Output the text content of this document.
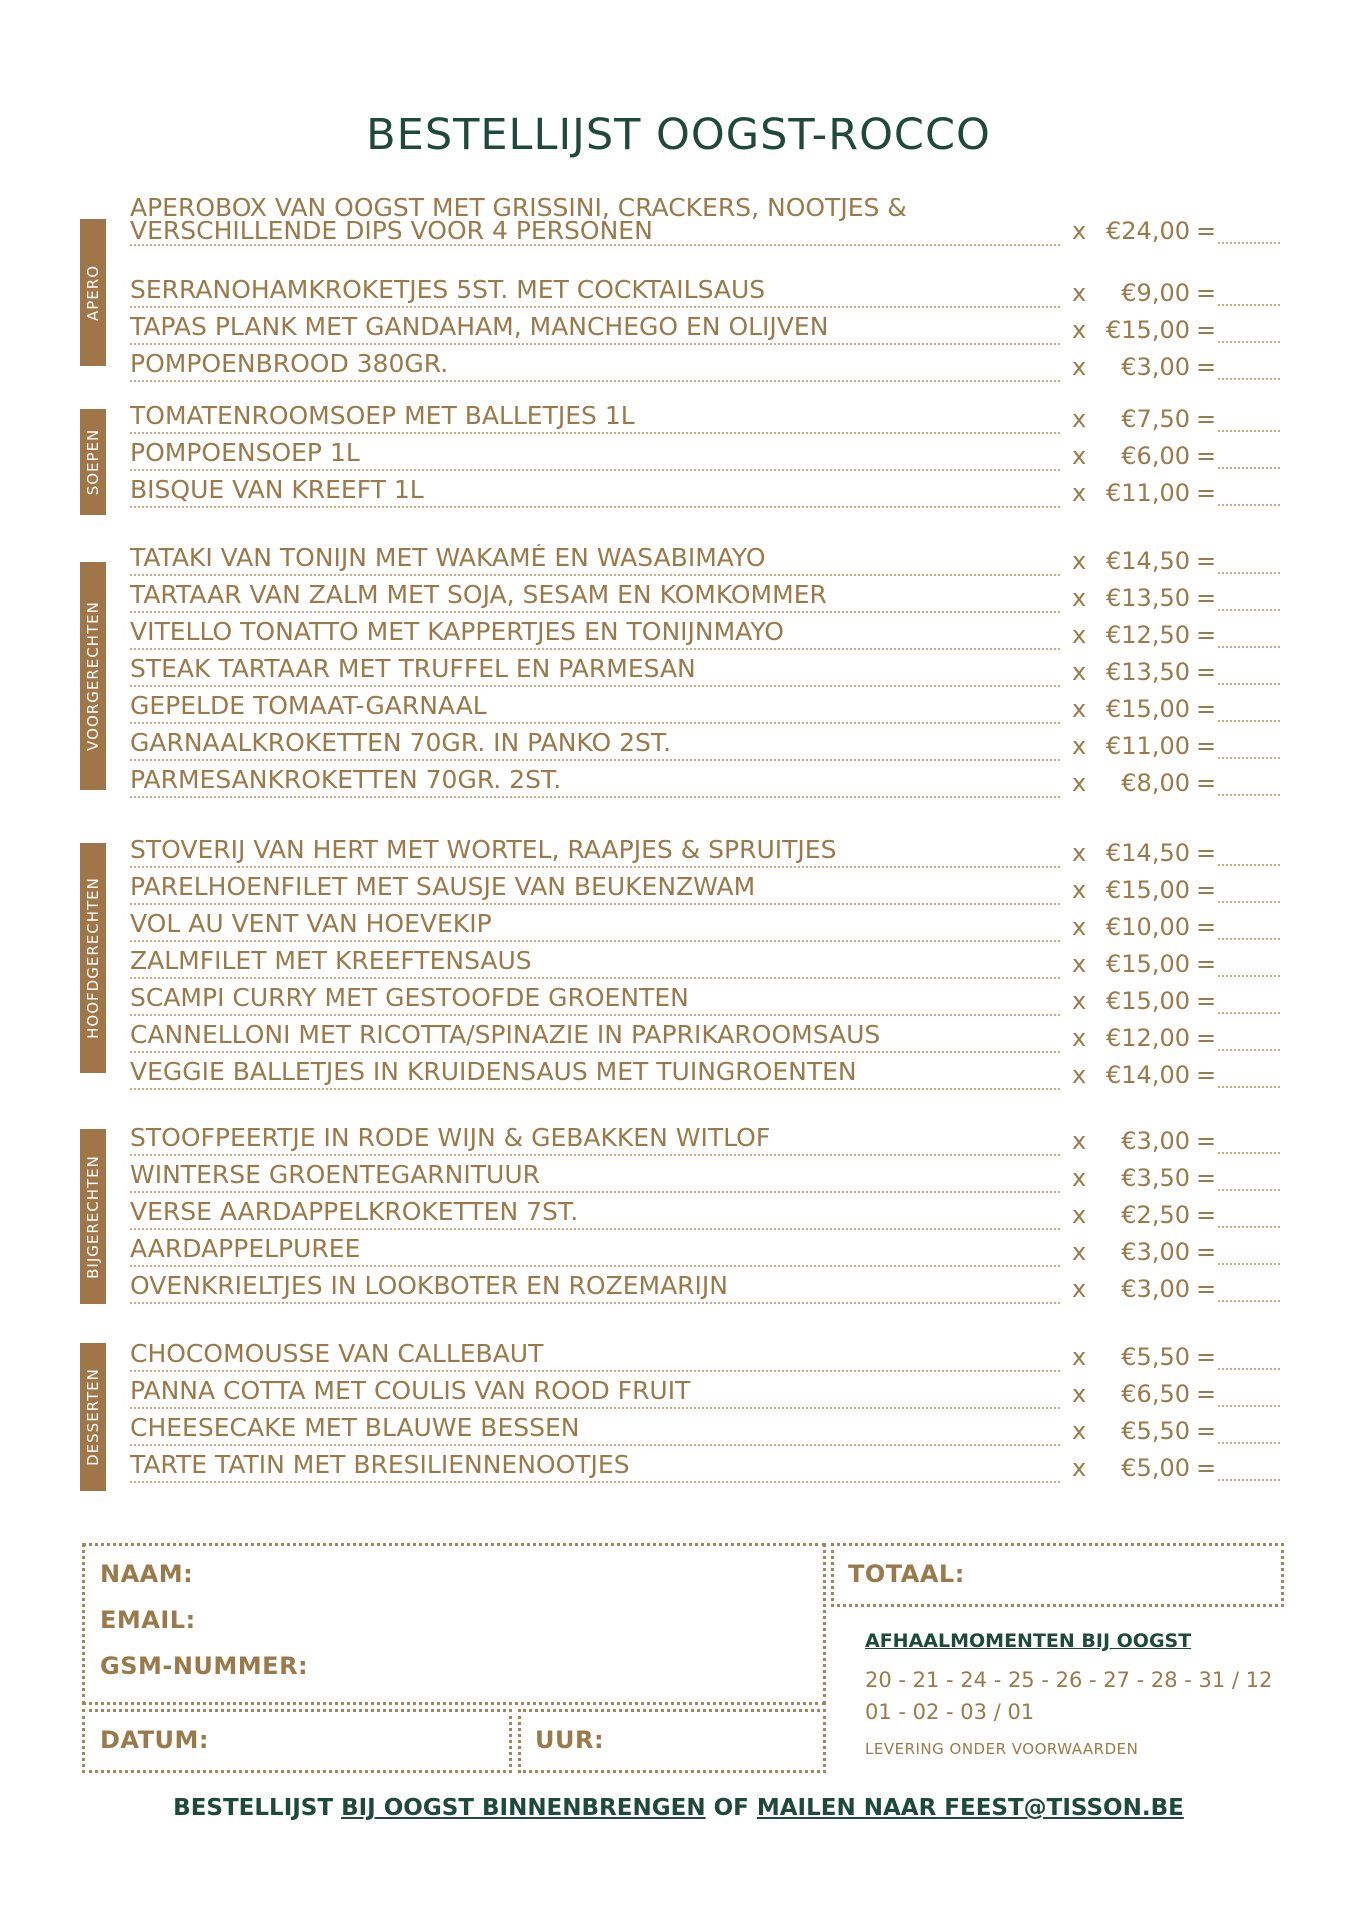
BESTELLIJST OOGST-ROCCO
APERO
APEROBOX VAN OOGST MET GRISSINI, CRACKERS, NOOTJES & VERSCHILLENDE DIPS VOOR 4 PERSONEN	x €24,00 =
SERRANOHAMKROKETJES 5ST. MET COCKTAILSAUS	x	€9,00 =
TAPAS PLANK MET GANDAHAM, MANCHEGO EN OLIJVEN	x €15,00 =
POMPOENBROOD 380GR.	x	€3,00 =
SOEPEN
TOMATENROOMSOEP MET BALLETJES 1L	x	€7,50 =
POMPOENSOEP 1L	x	€6,00 =
BISQUE VAN KREEFT 1L	x €11,00 =
VOORGERECHTEN
TATAKI VAN TONIJN MET WAKAMÉ EN WASABIMAYO	x €14,50 =
TARTAAR VAN ZALM MET SOJA, SESAM EN KOMKOMMER	x €13,50 =
VITELLO TONATTO MET KAPPERTJES EN TONIJNMAYO	x €12,50 =
STEAK TARTAAR MET TRUFFEL EN PARMESAN	x €13,50 =
GEPELDE TOMAAT-GARNAAL	x €15,00 =
GARNAALKROKETTEN 70GR. IN PANKO 2ST.	x €11,00 =
PARMESANKROKETTEN 70GR. 2ST.	x	€8,00 =
HOOFDGERECHTEN
STOVERIJ VAN HERT MET WORTEL, RAAPJES & SPRUITJES	x €14,50 =
PARELHOENFILET MET SAUSJE VAN BEUKENZWAM	x €15,00 =
VOL AU VENT VAN HOEVEKIP	x €10,00 =
ZALMFILET MET KREEFTENSAUS	x €15,00 =
SCAMPI CURRY MET GESTOOFDE GROENTEN	x €15,00 =
CANNELLONI MET RICOTTA/SPINAZIE IN PAPRIKAROOMSAUS	x €12,00 =
VEGGIE BALLETJES IN KRUIDENSAUS MET TUINGROENTEN	x €14,00 =
BIJGERECHTEN
STOOFPEERTJE IN RODE WIJN & GEBAKKEN WITLOF	x	€3,00 =
WINTERSE GROENTEGARNITUUR	x	€3,50 =
VERSE AARDAPPELKROKETTEN 7ST.	x	€2,50 =
AARDAPPELPUREE	x	€3,00 =
OVENKRIELTJES IN LOOKBOTER EN ROZEMARIJN	x	€3,00 =
DESSERTEN
CHOCOMOUSSE VAN CALLEBAUT	x	€5,50 =
PANNA COTTA MET COULIS VAN ROOD FRUIT	x	€6,50 =
CHEESECAKE MET BLAUWE BESSEN	x	€5,50 =
TARTE TATIN MET BRESILIENNENOOTJES	x	€5,00 =
NAAM:
EMAIL:
GSM-NUMMER:
DATUM:	UUR:
TOTAAL:
AFHAALMOMENTEN BIJ OOGST
20 - 21 - 24 - 25 - 26 - 27 - 28 - 31 / 12
01 - 02 - 03 / 01
LEVERING ONDER VOORWAARDEN
BESTELLIJST BIJ OOGST BINNENBRENGEN OF MAILEN NAAR FEEST@TISSON.BE
